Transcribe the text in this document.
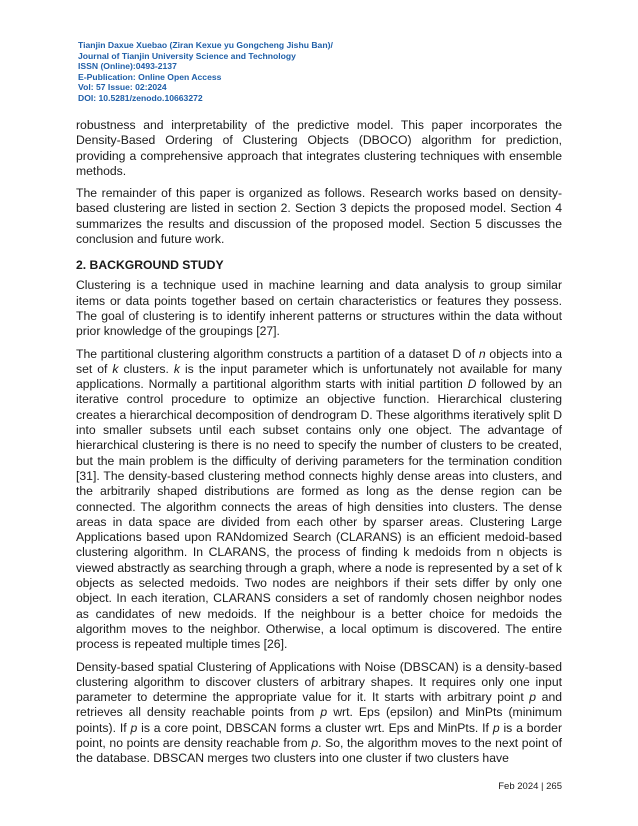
Tianjin Daxue Xuebao (Ziran Kexue yu Gongcheng Jishu Ban)/
Journal of Tianjin University Science and Technology
ISSN (Online):0493-2137
E-Publication: Online Open Access
Vol: 57 Issue: 02:2024
DOI: 10.5281/zenodo.10663272

robustness and interpretability of the predictive model. This paper incorporates the Density-Based Ordering of Clustering Objects (DBOCO) algorithm for prediction, providing a comprehensive approach that integrates clustering techniques with ensemble methods.

The remainder of this paper is organized as follows. Research works based on density-based clustering are listed in section 2. Section 3 depicts the proposed model. Section 4 summarizes the results and discussion of the proposed model. Section 5 discusses the conclusion and future work.

2. BACKGROUND STUDY

Clustering is a technique used in machine learning and data analysis to group similar items or data points together based on certain characteristics or features they possess. The goal of clustering is to identify inherent patterns or structures within the data without prior knowledge of the groupings [27].

The partitional clustering algorithm constructs a partition of a dataset D of n objects into a set of k clusters. k is the input parameter which is unfortunately not available for many applications. Normally a partitional algorithm starts with initial partition D followed by an iterative control procedure to optimize an objective function. Hierarchical clustering creates a hierarchical decomposition of dendrogram D. These algorithms iteratively split D into smaller subsets until each subset contains only one object. The advantage of hierarchical clustering is there is no need to specify the number of clusters to be created, but the main problem is the difficulty of deriving parameters for the termination condition [31]. The density-based clustering method connects highly dense areas into clusters, and the arbitrarily shaped distributions are formed as long as the dense region can be connected. The algorithm connects the areas of high densities into clusters. The dense areas in data space are divided from each other by sparser areas. Clustering Large Applications based upon RANdomized Search (CLARANS) is an efficient medoid-based clustering algorithm. In CLARANS, the process of finding k medoids from n objects is viewed abstractly as searching through a graph, where a node is represented by a set of k objects as selected medoids. Two nodes are neighbors if their sets differ by only one object. In each iteration, CLARANS considers a set of randomly chosen neighbor nodes as candidates of new medoids. If the neighbour is a better choice for medoids the algorithm moves to the neighbor. Otherwise, a local optimum is discovered. The entire process is repeated multiple times [26].

Density-based spatial Clustering of Applications with Noise (DBSCAN) is a density-based clustering algorithm to discover clusters of arbitrary shapes. It requires only one input parameter to determine the appropriate value for it. It starts with arbitrary point p and retrieves all density reachable points from p wrt. Eps (epsilon) and MinPts (minimum points). If p is a core point, DBSCAN forms a cluster wrt. Eps and MinPts. If p is a border point, no points are density reachable from p. So, the algorithm moves to the next point of the database. DBSCAN merges two clusters into one cluster if two clusters have

Feb 2024 | 265
